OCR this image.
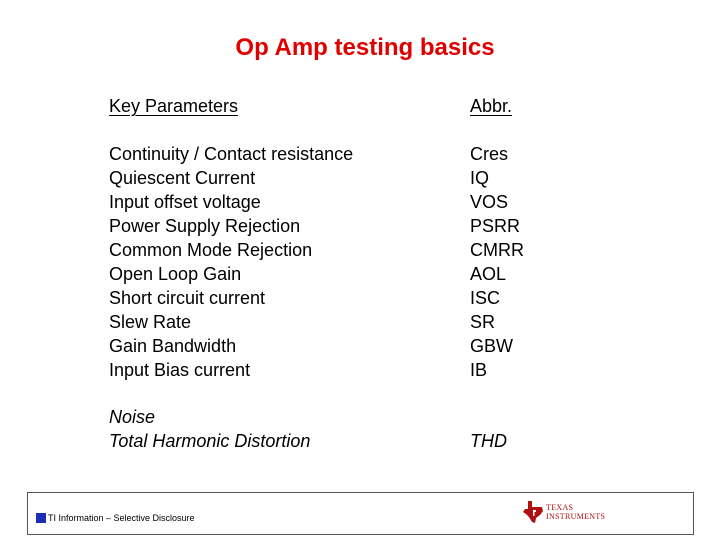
Op Amp testing basics
Key Parameters	Abbr.
Continuity / Contact resistance
Quiescent Current
Input offset voltage
Power Supply Rejection
Common Mode Rejection
Open Loop Gain
Short circuit current
Slew Rate
Gain Bandwidth
Input Bias current
Cres
IQ
VOS
PSRR
CMRR
AOL
ISC
SR
GBW
IB
Noise
Total Harmonic Distortion	THD
TI Information – Selective Disclosure
TEXAS
INSTRUMENTS
